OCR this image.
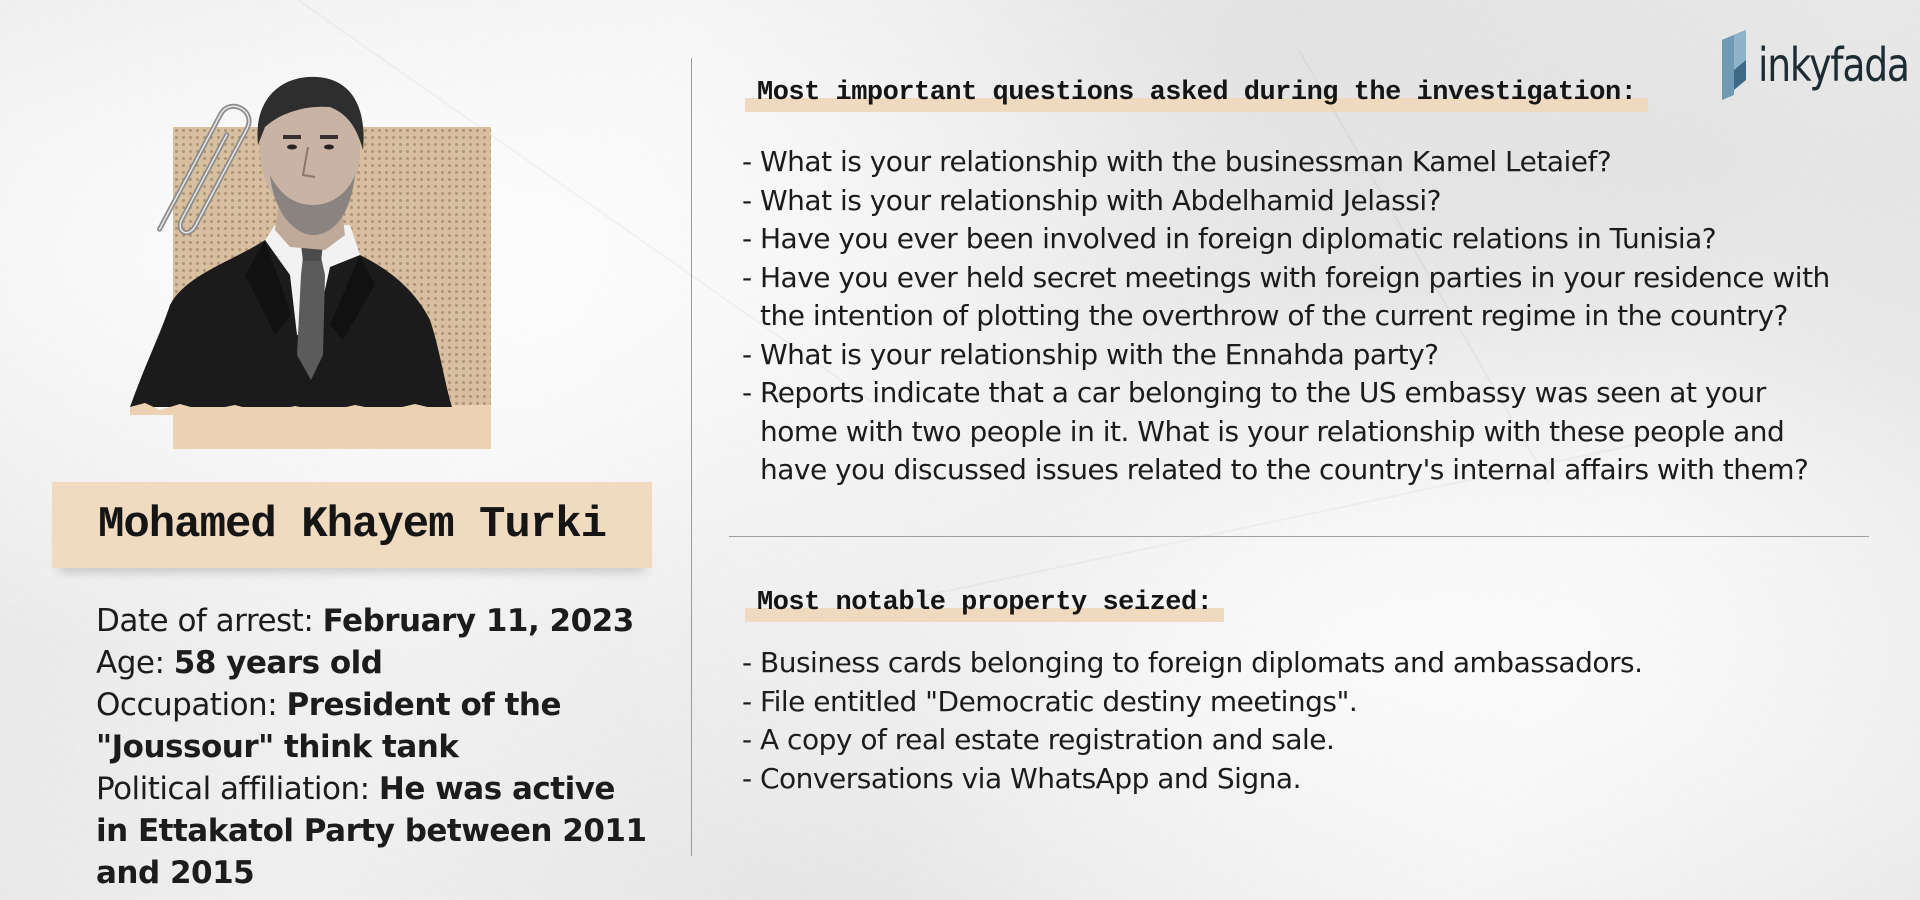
inkyfada
Mohamed Khayem Turki
Date of arrest: February 11, 2023
Age: 58 years old
Occupation: President of the "Joussour" think tank
Political affiliation: He was active in Ettakatol Party between 2011 and 2015
Most important questions asked during the investigation:
- What is your relationship with the businessman Kamel Letaief?
- What is your relationship with Abdelhamid Jelassi?
- Have you ever been involved in foreign diplomatic relations in Tunisia?
- Have you ever held secret meetings with foreign parties in your residence with the intention of plotting the overthrow of the current regime in the country?
- What is your relationship with the Ennahda party?
- Reports indicate that a car belonging to the US embassy was seen at your home with two people in it. What is your relationship with these people and have you discussed issues related to the country's internal affairs with them?
Most notable property seized:
- Business cards belonging to foreign diplomats and ambassadors.
- File entitled "Democratic destiny meetings".
- A copy of real estate registration and sale.
- Conversations via WhatsApp and Signa.
